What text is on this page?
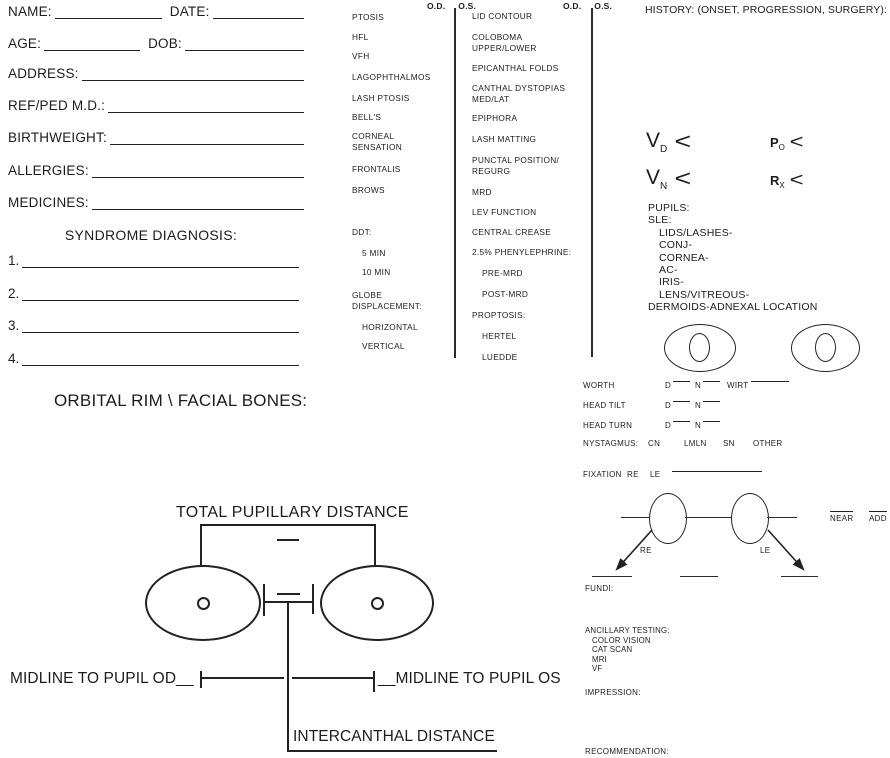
NAME:	DATE:
AGE:	DOB:
ADDRESS:
REF/PED M.D.:
BIRTHWEIGHT:
ALLERGIES:
MEDICINES:
SYNDROME DIAGNOSIS:
1.
2.
3.
4.
ORBITAL RIM \ FACIAL BONES:
O.D. O.S.
PTOSIS
HFL
VFH
LAGOPHTHALMOS
LASH PTOSIS
BELL'S
CORNEAL
SENSATION
FRONTALIS
BROWS
DDT:
5 MIN
10 MIN
GLOBE
DISPLACEMENT:
HORIZONTAL
VERTICAL
O.D. O.S.
LID CONTOUR
COLOBOMA
UPPER/LOWER
EPICANTHAL FOLDS
CANTHAL DYSTOPIAS
MED/LAT
EPIPHORA
LASH MATTING
PUNCTAL POSITION/
REGURG
MRD
LEV FUNCTION
CENTRAL CREASE
2.5% PHENYLEPHRINE:
PRE-MRD
POST-MRD
PROPTOSIS:
HERTEL
LUEDDE
HISTORY: (ONSET, PROGRESSION, SURGERY):
V D <	P O <
V N <	R X <
PUPILS:
SLE:
LIDS/LASHES-
CONJ-
CORNEA-
AC-
IRIS-
LENS/VITREOUS-
DERMOIDS-ADNEXAL LOCATION
WORTH	D	N	WIRT
HEAD TILT	D	N
HEAD TURN	D	N
NYSTAGMUS: CN	LMLN SN OTHER
FIXATION RE LE
NEAR ADD
RE	LE
FUNDI:
ANCILLARY TESTING:
COLOR VISION
CAT SCAN
MRI
VF
IMPRESSION:
RECOMMENDATION:
TOTAL PUPILLARY DISTANCE
MIDLINE TO PUPIL OD__	__MIDLINE TO PUPIL OS
INTERCANTHAL DISTANCE
